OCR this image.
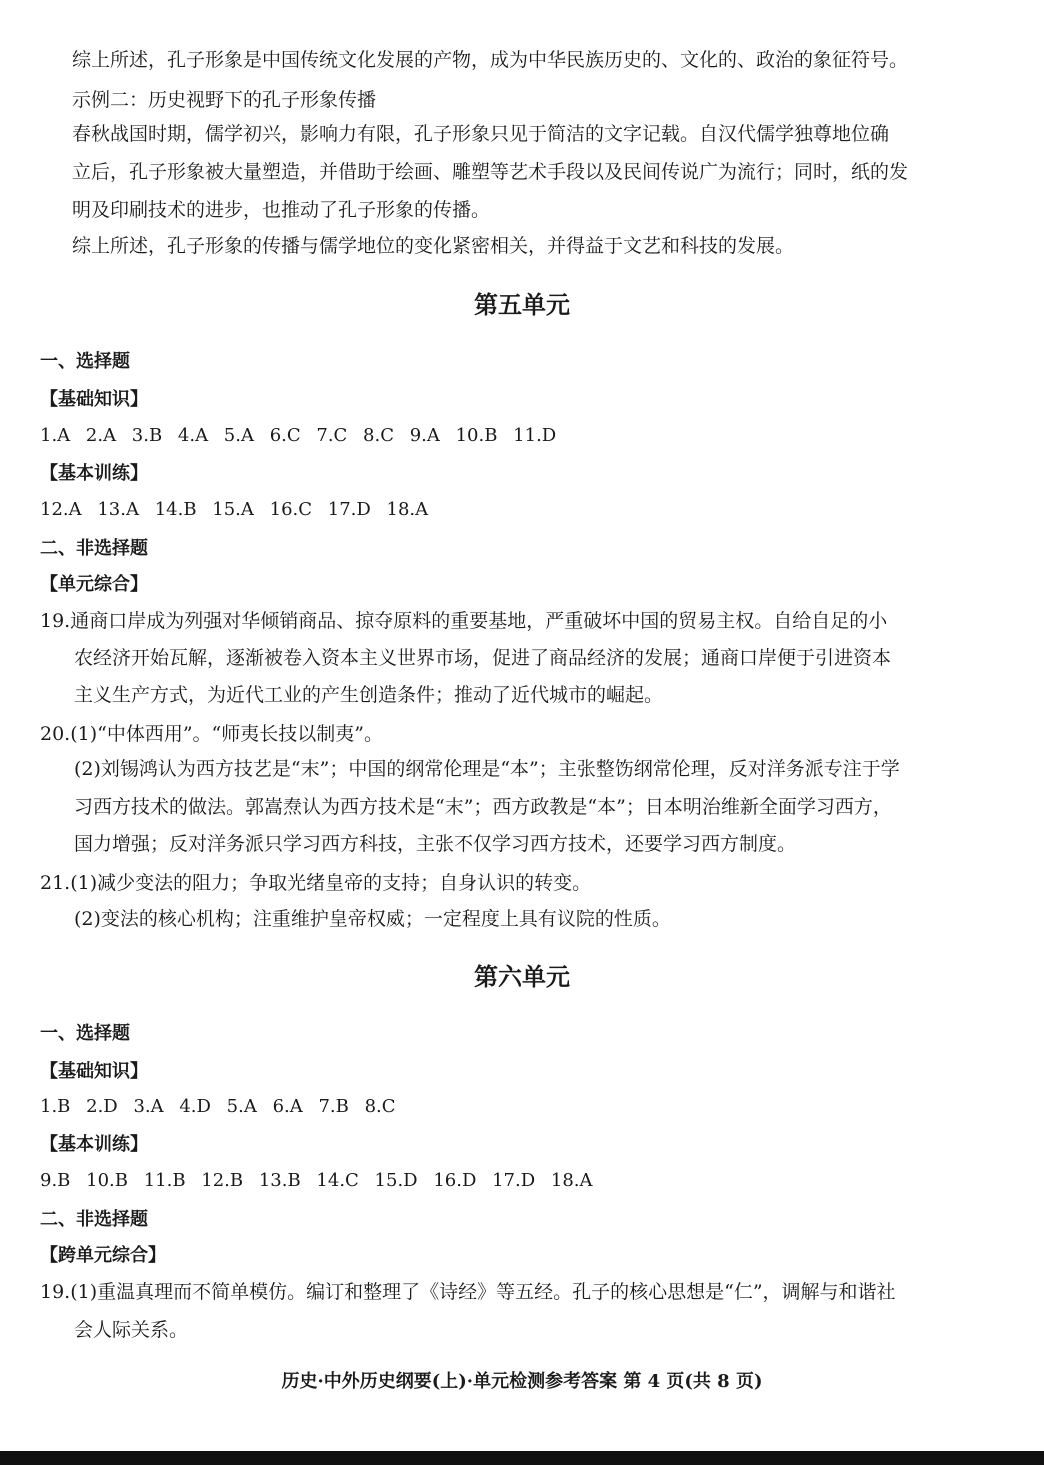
综上所述，孔子形象是中国传统文化发展的产物，成为中华民族历史的、文化的、政治的象征符号。
示例二：历史视野下的孔子形象传播
春秋战国时期，儒学初兴，影响力有限，孔子形象只见于简洁的文字记载。自汉代儒学独尊地位确
立后，孔子形象被大量塑造，并借助于绘画、雕塑等艺术手段以及民间传说广为流行；同时，纸的发
明及印刷技术的进步，也推动了孔子形象的传播。
综上所述，孔子形象的传播与儒学地位的变化紧密相关，并得益于文艺和科技的发展。
第五单元
一、选择题
【基础知识】
1.A 2.A 3.B 4.A 5.A 6.C 7.C 8.C 9.A 10.B 11.D
【基本训练】
12.A 13.A 14.B 15.A 16.C 17.D 18.A
二、非选择题
【单元综合】
19.通商口岸成为列强对华倾销商品、掠夺原料的重要基地，严重破坏中国的贸易主权。自给自足的小
农经济开始瓦解，逐渐被卷入资本主义世界市场，促进了商品经济的发展；通商口岸便于引进资本
主义生产方式，为近代工业的产生创造条件；推动了近代城市的崛起。
20.(1)“中体西用”。“师夷长技以制夷”。
(2)刘锡鸿认为西方技艺是“末”；中国的纲常伦理是“本”；主张整饬纲常伦理，反对洋务派专注于学
习西方技术的做法。郭嵩焘认为西方技术是“末”；西方政教是“本”；日本明治维新全面学习西方，
国力增强；反对洋务派只学习西方科技，主张不仅学习西方技术，还要学习西方制度。
21.(1)减少变法的阻力；争取光绪皇帝的支持；自身认识的转变。
(2)变法的核心机构；注重维护皇帝权威；一定程度上具有议院的性质。
第六单元
一、选择题
【基础知识】
1.B 2.D 3.A 4.D 5.A 6.A 7.B 8.C
【基本训练】
9.B 10.B 11.B 12.B 13.B 14.C 15.D 16.D 17.D 18.A
二、非选择题
【跨单元综合】
19.(1)重温真理而不简单模仿。编订和整理了《诗经》等五经。孔子的核心思想是“仁”，调解与和谐社
会人际关系。
历史·中外历史纲要(上)·单元检测参考答案 第 4 页(共 8 页)
